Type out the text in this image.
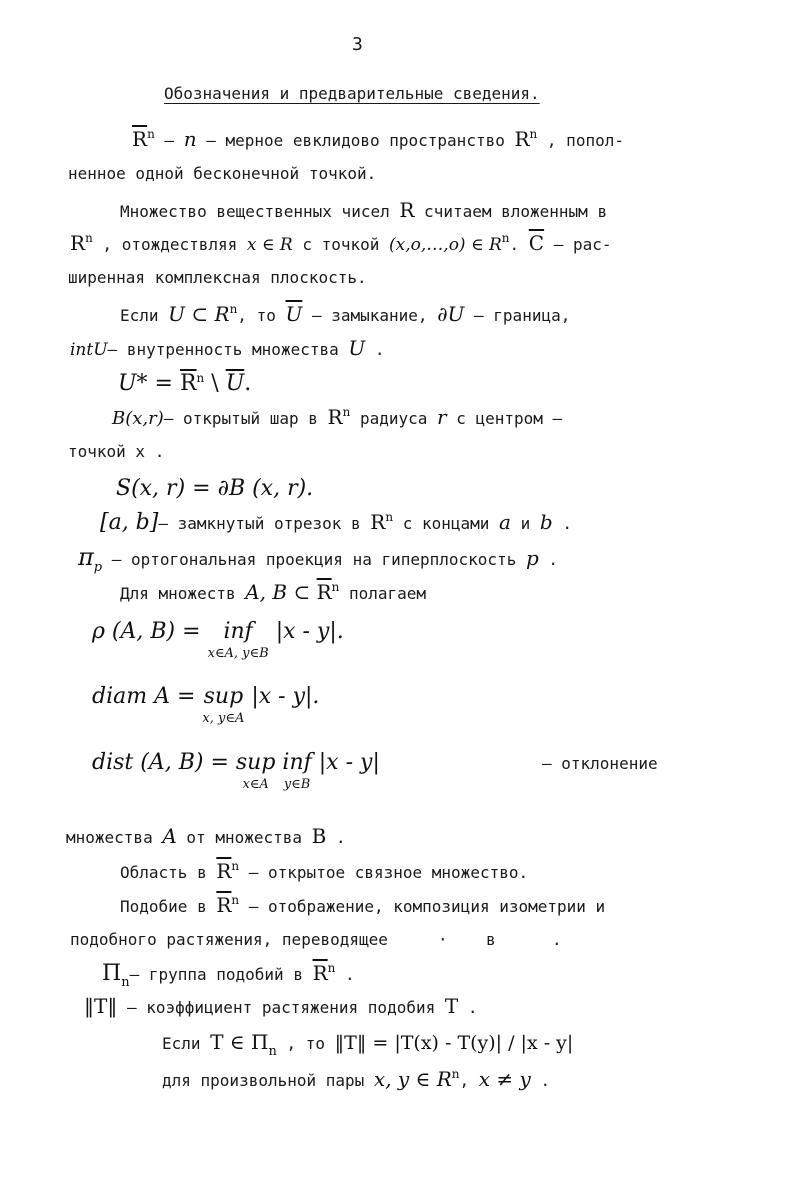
3
Обозначения и предварительные сведения.
$\overline{R}^n$ – n – мерное евклидово пространство $R^n$ , попол-
ненное одной бесконечной точкой.
Множество вещественных чисел R считаем вложенным в
$R^n$ , отождествляя x ∈ R с точкой (x,o,…,o) ∈ $R^n$. $\overline{C} - рас-$
ширенная комплексная плоскость.
Если U ⊂ $R^n$, то $\overline{U}$ – замыкание, ∂U – граница,
intU– внутренность множества U .
$U* = \overline{R}^n$ \ $\overline{U}$.
B(x,r)– открытый шар в $R^n$ радиуса r с центром –
точкой x .
S(x, r) = ∂B (x, r).
[a, b]– замкнутый отрезок в $R^n$ с концами a и b .
$\pi_p$ – ортогональная проекция на гиперплоскость p .
Для множеств A, B ⊂ $\overline{R}^n$ полагаем
ρ (A, B) = inf
x∈A, y∈B
|x - y|.
diam A = sup
x, y∈A
|x - y|.
dist (A, B) = sup
x∈A
inf
y∈B
|x - y|	– отклонение
множества A от множества B .
Область в $\overline{R}^n$ – открытое связное множество.
Подобие в $\overline{R}^n$ – отображение, композиция изометрии и
подобного растяжения, переводящее	· в	.
$\Pi_n-$ группа подобий в $\overline{R}^n$ .
‖T‖ – коэффициент растяжения подобия T .
Если T ∈ $\Pi_n$ , то ‖T‖ = |T(x) - T(y)| / |x - y|
для произвольной пары x, y ∈ $R^n$, x ≠ y .
